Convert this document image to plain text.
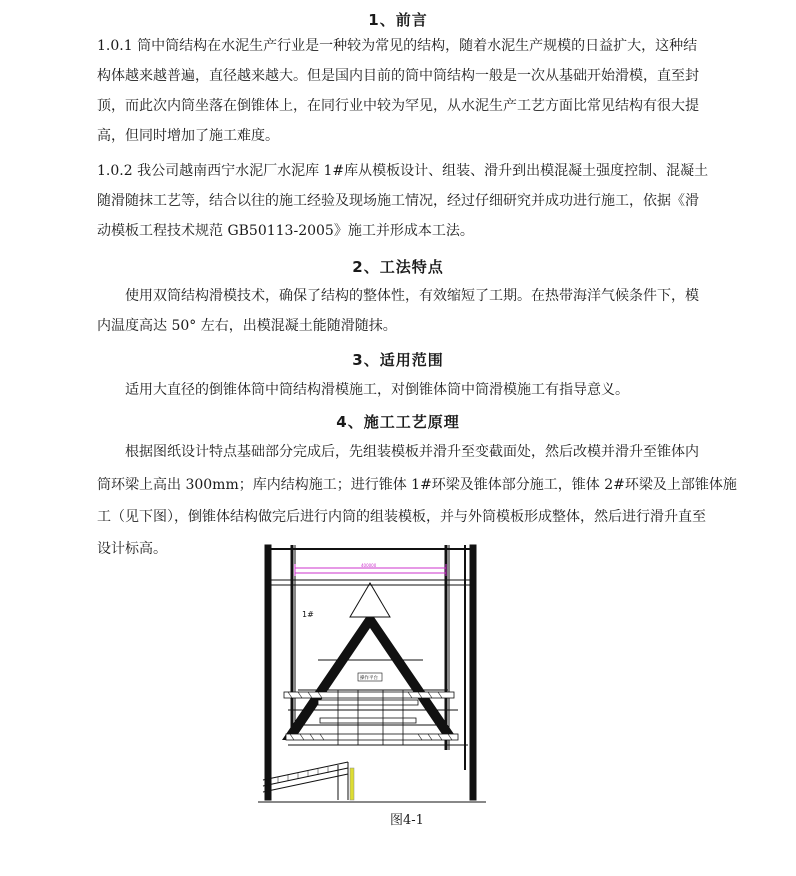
1、前言
1.0.1 筒中筒结构在水泥生产行业是一种较为常见的结构，随着水泥生产规模的日益扩大，这种结
构体越来越普遍，直径越来越大。但是国内目前的筒中筒结构一般是一次从基础开始滑模，直至封
顶，而此次内筒坐落在倒锥体上，在同行业中较为罕见，从水泥生产工艺方面比常见结构有很大提
高，但同时增加了施工难度。
1.0.2 我公司越南西宁水泥厂水泥库 1#库从模板设计、组装、滑升到出模混凝土强度控制、混凝土
随滑随抹工艺等，结合以往的施工经验及现场施工情况，经过仔细研究并成功进行施工，依据《滑
动模板工程技术规范 GB50113-2005》施工并形成本工法。
2、工法特点
使用双筒结构滑模技术，确保了结构的整体性，有效缩短了工期。在热带海洋气候条件下，模
内温度高达 50° 左右，出模混凝土能随滑随抹。
3、适用范围
适用大直径的倒锥体筒中筒结构滑模施工，对倒锥体筒中筒滑模施工有指导意义。
4、施工工艺原理
根据图纸设计特点基础部分完成后，先组装模板并滑升至变截面处，然后改模并滑升至锥体内
筒环梁上高出 300mm；库内结构施工；进行锥体 1#环梁及锥体部分施工，锥体 2#环梁及上部锥体施
工（见下图），倒锥体结构做完后进行内筒的组装模板，并与外筒模板形成整体，然后进行滑升直至
设计标高。
400000
1#
操作平台
图4-1
